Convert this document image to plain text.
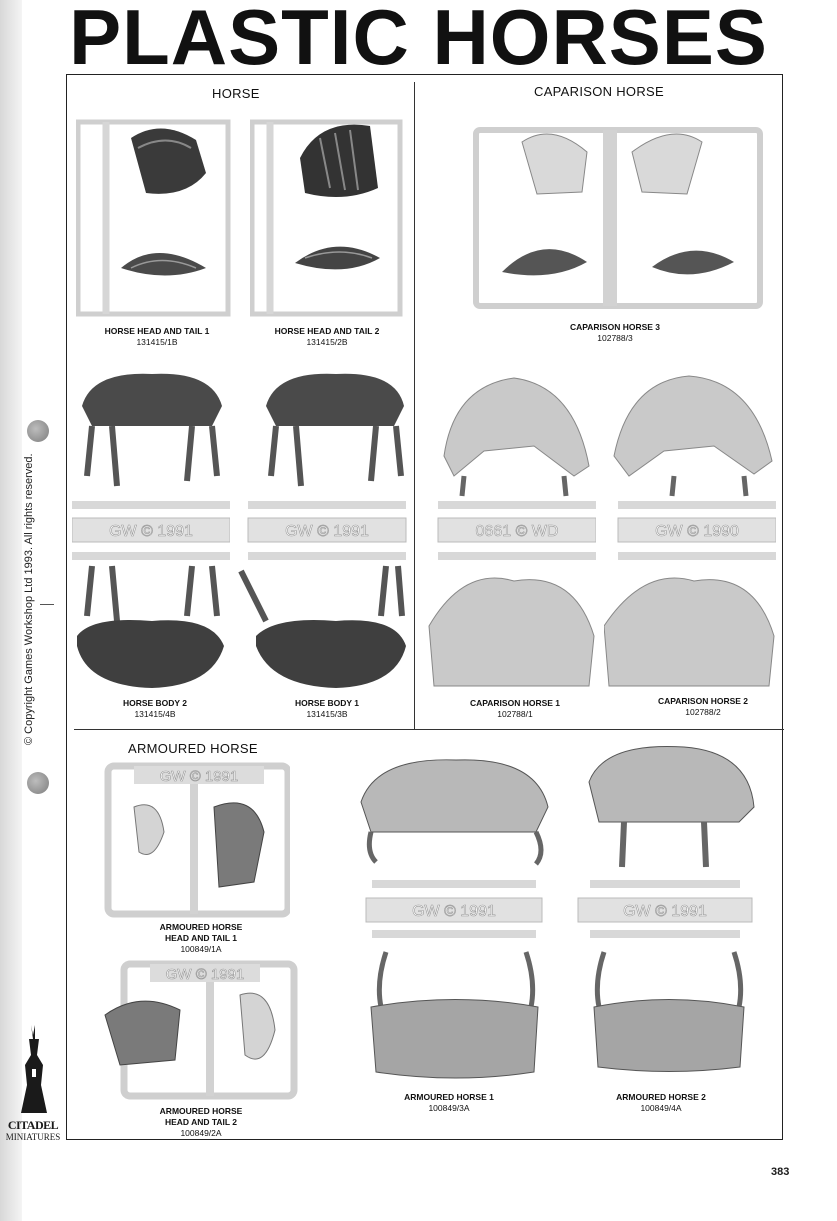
PLASTIC HORSES
HORSE	CAPARISON HORSE
ARMOURED HORSE
HORSE HEAD AND TAIL 1
131415/1B
HORSE HEAD AND TAIL 2
131415/2B
CAPARISON HORSE 3
102788/3
GW © 1991	GW © 1991
HORSE BODY 2
131415/4B
HORSE BODY 1
131415/3B
0661 © WD	GW © 1990
CAPARISON HORSE 1
102788/1
CAPARISON HORSE 2
102788/2
GW © 1991
ARMOURED HORSE
HEAD AND TAIL 1
100849/1A
GW © 1991
ARMOURED HORSE
HEAD AND TAIL 2
100849/2A
GW © 1991
ARMOURED HORSE 1
100849/3A
GW © 1991
ARMOURED HORSE 2
100849/4A
© Copyright Games Workshop Ltd 1993. All rights reserved.
CITADEL
MINIATURES
383
